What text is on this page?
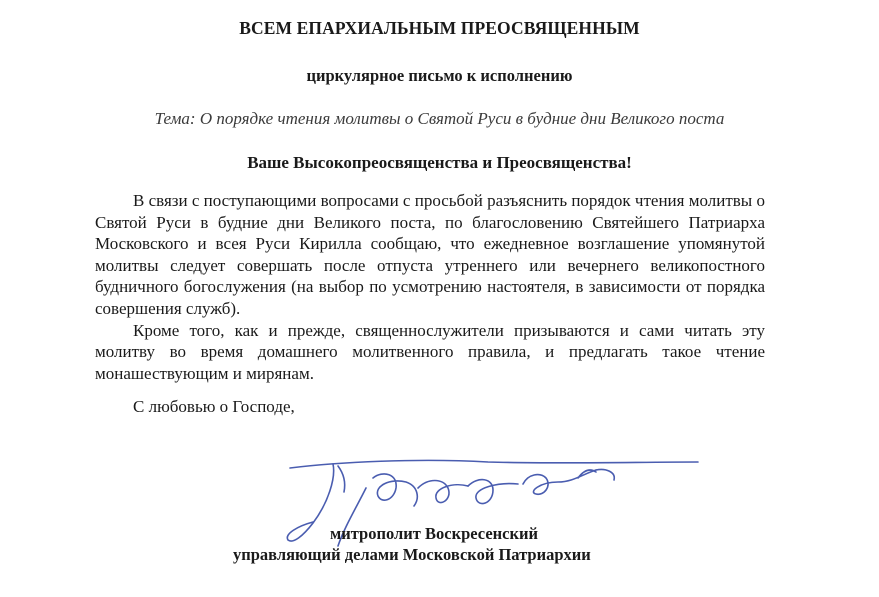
ВСЕМ ЕПАРХИАЛЬНЫМ ПРЕОСВЯЩЕННЫМ
циркулярное письмо к исполнению
Тема: О порядке чтения молитвы о Святой Руси в будние дни Великого поста
Ваше Высокопреосвященства и Преосвященства!

В связи с поступающими вопросами с просьбой разъяснить порядок чтения молитвы о Святой Руси в будние дни Великого поста, по благословению Святейшего Патриарха Московского и всея Руси Кирилла сообщаю, что ежедневное возглашение упомянутой молитвы следует совершать после отпуста утреннего или вечернего великопостного будничного богослужения (на выбор по усмотрению настоятеля, в зависимости от порядка совершения служб).

Кроме того, как и прежде, священнослужители призываются и сами читать эту молитву во время домашнего молитвенного правила, и предлагать такое чтение монашествующим и мирянам.

С любовью о Господе,
митрополит Воскресенский
управляющий делами Московской Патриархии
